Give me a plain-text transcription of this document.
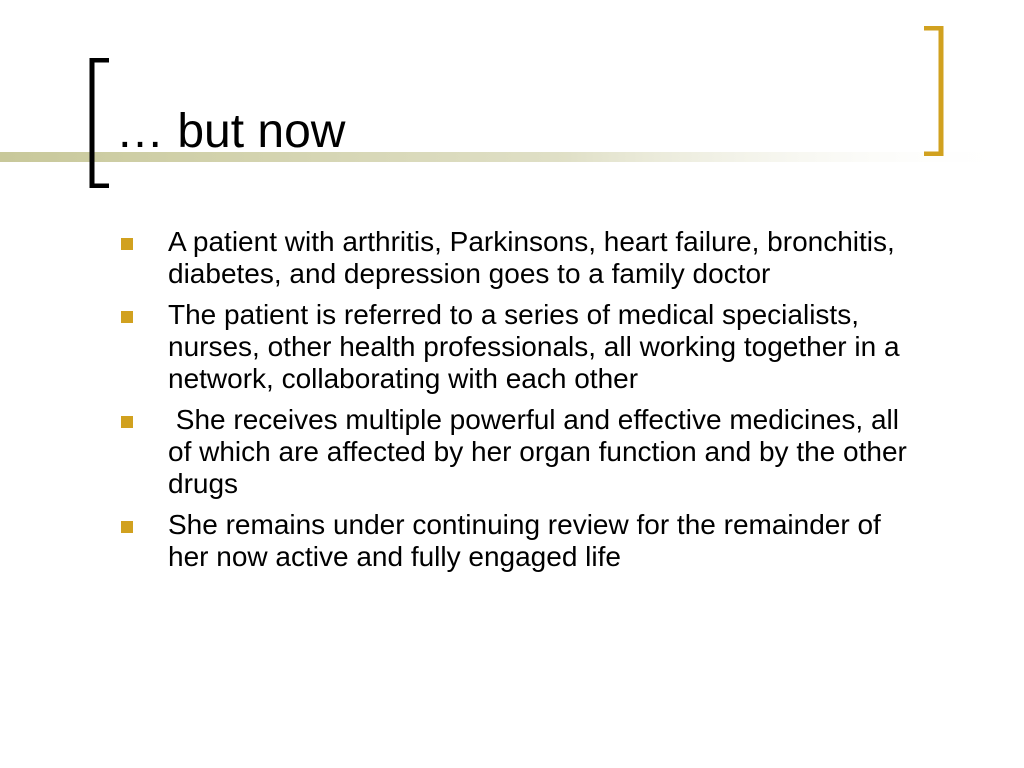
… but now
A patient with arthritis, Parkinsons, heart failure, bronchitis, diabetes, and depression goes to a family doctor
The patient is referred to a series of medical specialists, nurses, other health professionals, all working together in a network, collaborating with each other
She receives multiple powerful and effective medicines, all of which are affected by her organ function and by the other drugs
She remains under continuing review for the remainder of her now active and fully engaged life
